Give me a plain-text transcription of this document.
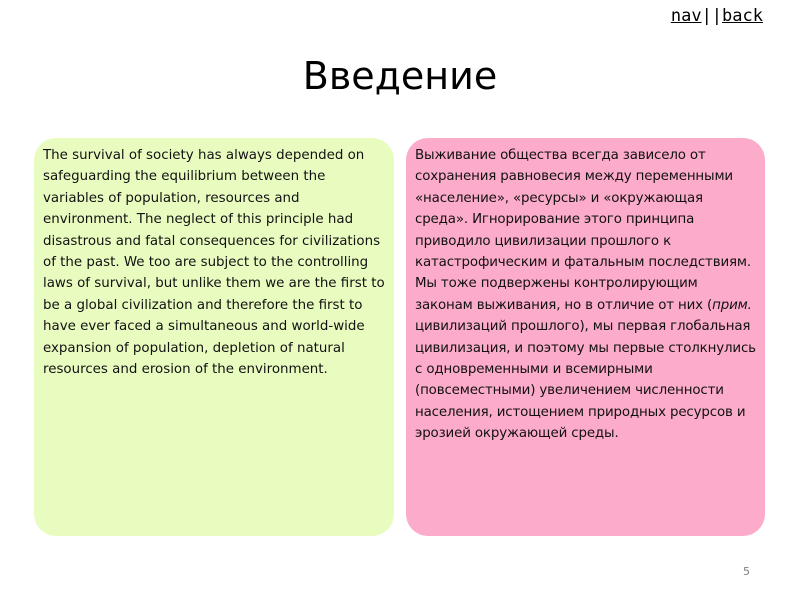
nav||back
Введение

The survival of society has always depended on safeguarding the equilibrium between the variables of population, resources and environment. The neglect of this principle had disastrous and fatal consequences for civilizations of the past. We too are subject to the controlling laws of survival, but unlike them we are the first to be a global civilization and therefore the first to have ever faced a simultaneous and world-wide expansion of population, depletion of natural resources and erosion of the environment.

Выживание общества всегда зависело от сохранения равновесия между переменными «население», «ресурсы» и «окружающая среда». Игнорирование этого принципа приводило цивилизации прошлого к катастрофическим и фатальным последствиям. Мы тоже подвержены контролирующим законам выживания, но в отличие от них (прим. цивилизаций прошлого), мы первая глобальная цивилизация, и поэтому мы первые столкнулись с одновременными и всемирными (повсеместными) увеличением численности населения, истощением природных ресурсов и эрозией окружающей среды.

5
